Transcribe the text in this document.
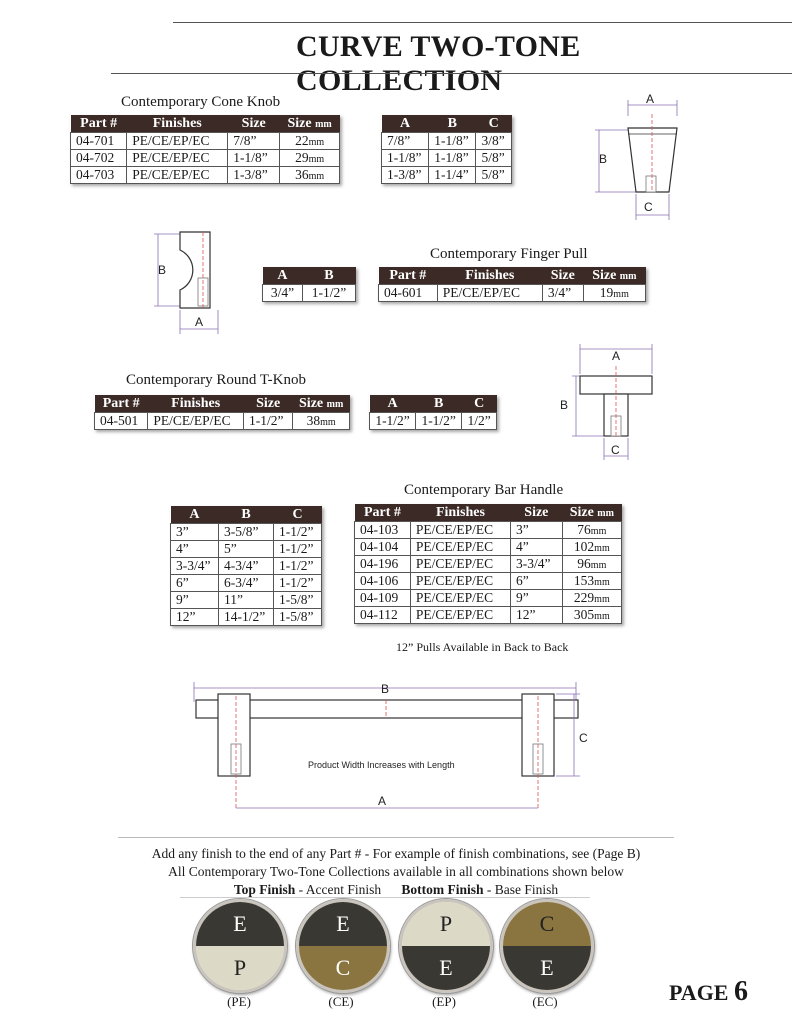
CURVE TWO-TONE COLLECTION
Contemporary Cone Knob
Part #	Finishes	Size	Size mm
04-701	PE/CE/EP/EC	7/8”	22mm
04-702	PE/CE/EP/EC	1-1/8”	29mm
04-703	PE/CE/EP/EC	1-3/8”	36mm
A	B	C
7/8”	1-1/8”	3/8”
1-1/8”	1-1/8”	5/8”
1-3/8”	1-1/4”	5/8”
A
B
C
B
A
A	B
3/4”	1-1/2”
Contemporary Finger Pull
Part #	Finishes	Size	Size mm
04-601	PE/CE/EP/EC	3/4”	19mm
A
B
C
Contemporary Round T-Knob
Part #	Finishes	Size	Size mm
04-501	PE/CE/EP/EC	1-1/2”	38mm
A	B	C
1-1/2”	1-1/2”	1/2”
Contemporary Bar Handle
A	B	C
3”	3-5/8”	1-1/2”
4”	5”	1-1/2”
3-3/4”	4-3/4”	1-1/2”
6”	6-3/4”	1-1/2”
9”	11”	1-5/8”
12”	14-1/2”	1-5/8”
Part #	Finishes	Size	Size mm
04-103	PE/CE/EP/EC	3”	76mm
04-104	PE/CE/EP/EC	4”	102mm
04-196	PE/CE/EP/EC	3-3/4”	96mm
04-106	PE/CE/EP/EC	6”	153mm
04-109	PE/CE/EP/EC	9”	229mm
04-112	PE/CE/EP/EC	12”	305mm
12” Pulls Available in Back to Back
B
C
Product Width Increases with Length
A
Add any finish to the end of any Part # - For example of finish combinations, see (Page B)
All Contemporary Two-Tone Collections available in all combinations shown below
Top Finish - Accent Finish Bottom Finish - Base Finish
E
P
E
C
P
E
C
E
(PE)	(CE)	(EP)	(EC)	PAGE 6
